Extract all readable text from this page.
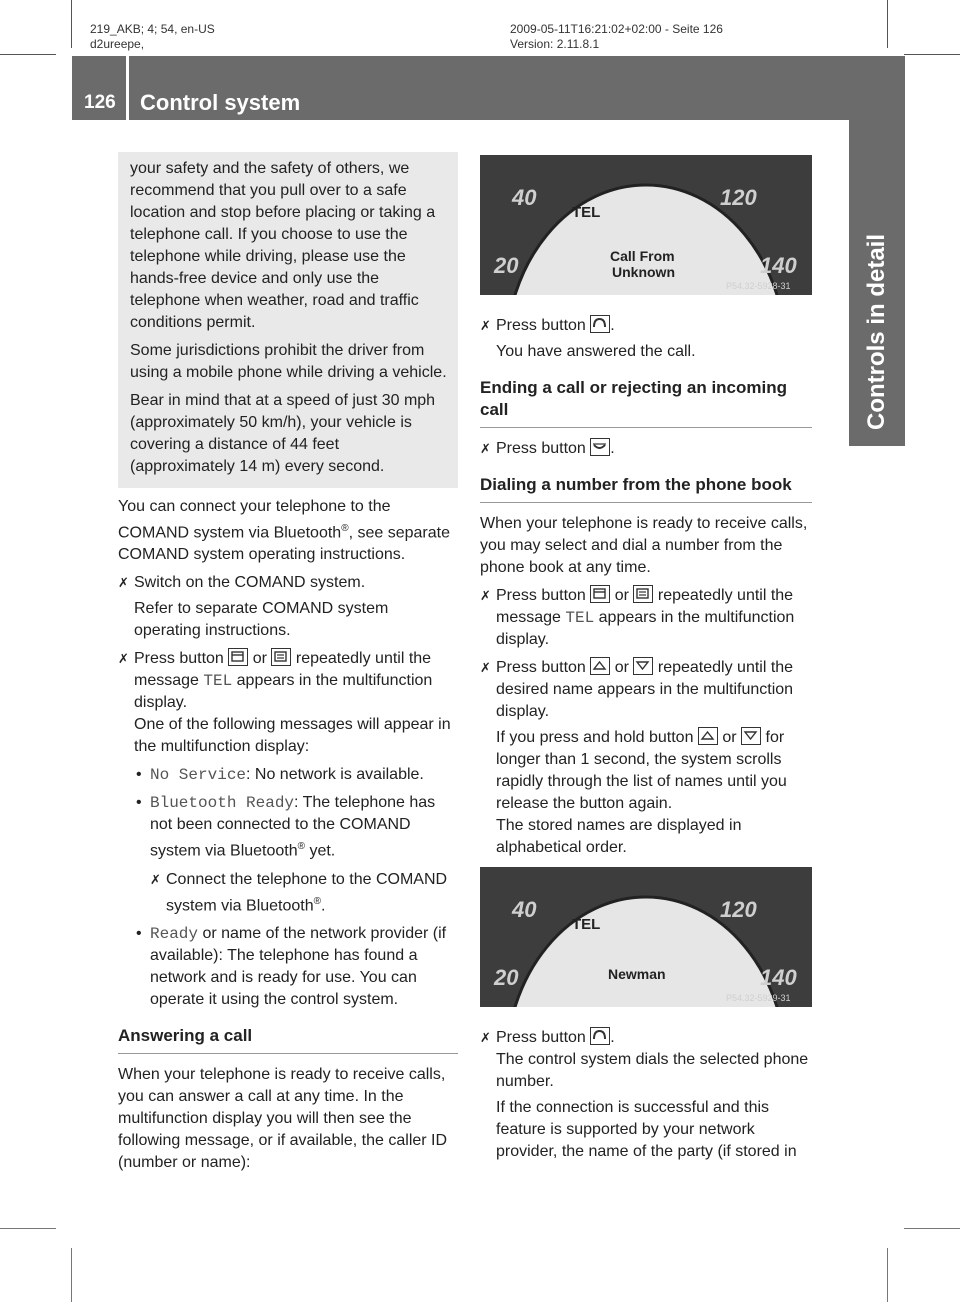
219_AKB; 4; 54, en-US
d2ureepe,
2009-05-11T16:21:02+02:00 - Seite 126
Version: 2.11.8.1
126 Control system
Controls in detail

your safety and the safety of others, we recommend that you pull over to a safe location and stop before placing or taking a telephone call. If you choose to use the telephone while driving, please use the hands-free device and only use the telephone when weather, road and traffic conditions permit.

Some jurisdictions prohibit the driver from using a mobile phone while driving a vehicle.

Bear in mind that at a speed of just 30 mph (approximately 50 km/h), your vehicle is covering a distance of 44 feet (approximately 14 m) every second.

You can connect your telephone to the COMAND system via Bluetooth®, see separate COMAND system operating instructions.

✗ Switch on the COMAND system.
Refer to separate COMAND system operating instructions.
✗ Press button or repeatedly until the message TEL appears in the multifunction display.
One of the following messages will appear in the multifunction display:
• No Service: No network is available.
• Bluetooth Ready: The telephone has not been connected to the COMAND system via Bluetooth® yet.
✗ Connect the telephone to the COMAND system via Bluetooth®.
• Ready or name of the network provider (if available): The telephone has found a network and is ready for use. You can operate it using the control system.
Answering a call

When your telephone is ready to receive calls, you can answer a call at any time. In the multifunction display you will then see the following message, or if available, the caller ID (number or name):

40	120
20	140
TEL
Call From
Unknown
P54.32-5928-31
✗ Press button .
You have answered the call.
Ending a call or rejecting an incoming call
✗ Press button .
Dialing a number from the phone book

When your telephone is ready to receive calls, you may select and dial a number from the phone book at any time.

✗ Press button or repeatedly until the message TEL appears in the multifunction display.
✗ Press button or repeatedly until the desired name appears in the multifunction display.
If you press and hold button or for longer than 1 second, the system scrolls rapidly through the list of names until you release the button again.
The stored names are displayed in alphabetical order.
40	120
20	140
TEL
Newman
P54.32-5929-31
✗ Press button .
The control system dials the selected phone number.
If the connection is successful and this feature is supported by your network provider, the name of the party (if stored in
